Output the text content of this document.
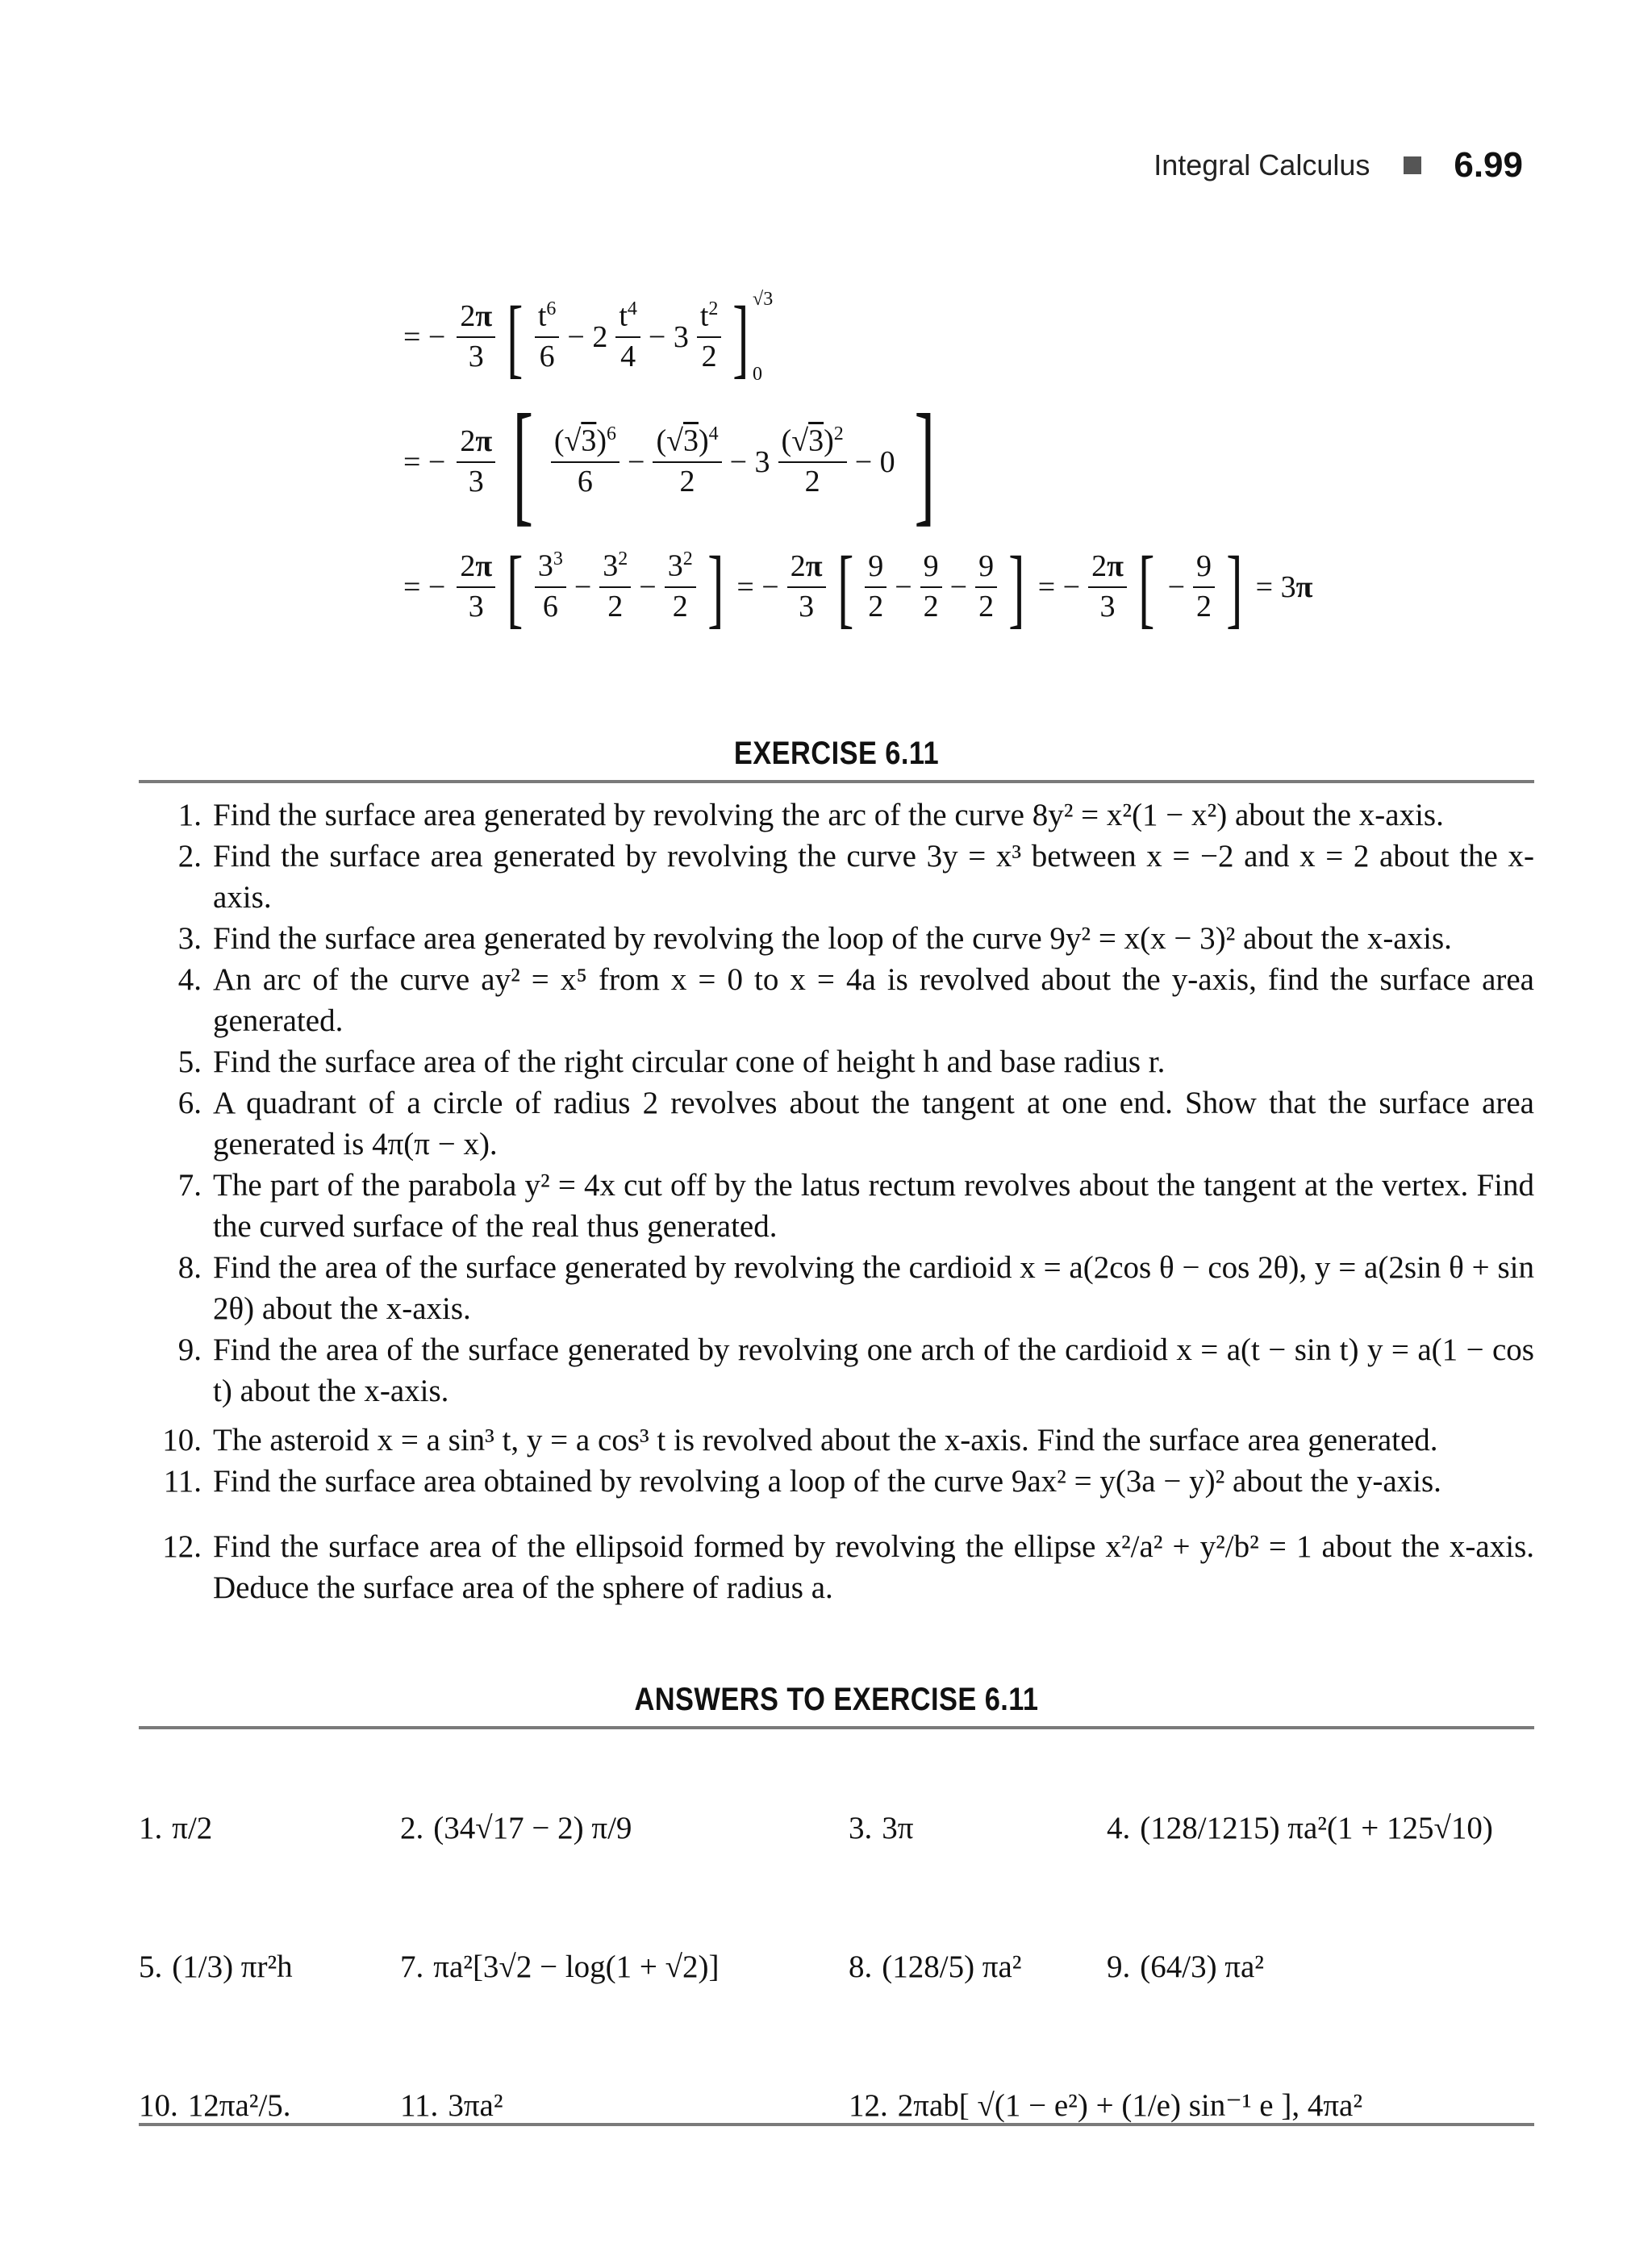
Integral Calculus 6.99
= − $\frac{2\pi}{3}$ [ $\frac{t^6}{6} - 2 \frac{t^4}{4} - 3 \frac{t^2}{2}$ ] √3
0
= − $\frac{2\pi}{3}$ [ $\frac{(√3)^6}{6} - \frac{(√3)^4}{2} - 3 \frac{(√3)^2}{2} - 0$ ]
= − $\frac{2\pi}{3}$ [ $\frac{3^3}{6} - \frac{3^2}{2} - \frac{3^2}{2}$ ] = − $\frac{2\pi}{3}$ [ $\frac{9}{2} - \frac{9}{2} - \frac{9}{2}$ ] = − $\frac{2\pi}{3}$ [ − $\frac{9}{2}$ ] = 3π
EXERCISE 6.11
1. Find the surface area generated by revolving the arc of the curve 8y² = x²(1 − x²) about the x-axis.
2. Find the surface area generated by revolving the curve 3y = x³ between x = −2 and x = 2 about the x-axis.
3. Find the surface area generated by revolving the loop of the curve 9y² = x(x − 3)² about the x-axis.
4. An arc of the curve ay² = x⁵ from x = 0 to x = 4a is revolved about the y-axis, find the surface area generated.
5. Find the surface area of the right circular cone of height h and base radius r.
6. A quadrant of a circle of radius 2 revolves about the tangent at one end. Show that the surface area generated is 4π(π − x).
7. The part of the parabola y² = 4x cut off by the latus rectum revolves about the tangent at the vertex. Find the curved surface of the real thus generated.
8. Find the area of the surface generated by revolving the cardioid x = a(2cos θ − cos 2θ), y = a(2sin θ + sin 2θ) about the x-axis.
9. Find the area of the surface generated by revolving one arch of the cardioid x = a(t − sin t) y = a(1 − cos t) about the x-axis.
10. The asteroid x = a sin³ t, y = a cos³ t is revolved about the x-axis. Find the surface area generated.
11. Find the surface area obtained by revolving a loop of the curve 9ax² = y(3a − y)² about the y-axis.
12. Find the surface area of the ellipsoid formed by revolving the ellipse x²/a² + y²/b² = 1 about the x-axis. Deduce the surface area of the sphere of radius a.
ANSWERS TO EXERCISE 6.11
1. π/2	2. (34√17 − 2) π/9	3. 3π	4. (128/1215) πa²(1 + 125√10)
5. (1/3) πr²h	7. πa²[3√2 − log(1 + √2)]	8. (128/5) πa²	9. (64/3) πa²
10. 12πa²/5.	11. 3πa²	12. 2πab[ √(1 − e²) + (1/e) sin⁻¹ e ], 4πa²
